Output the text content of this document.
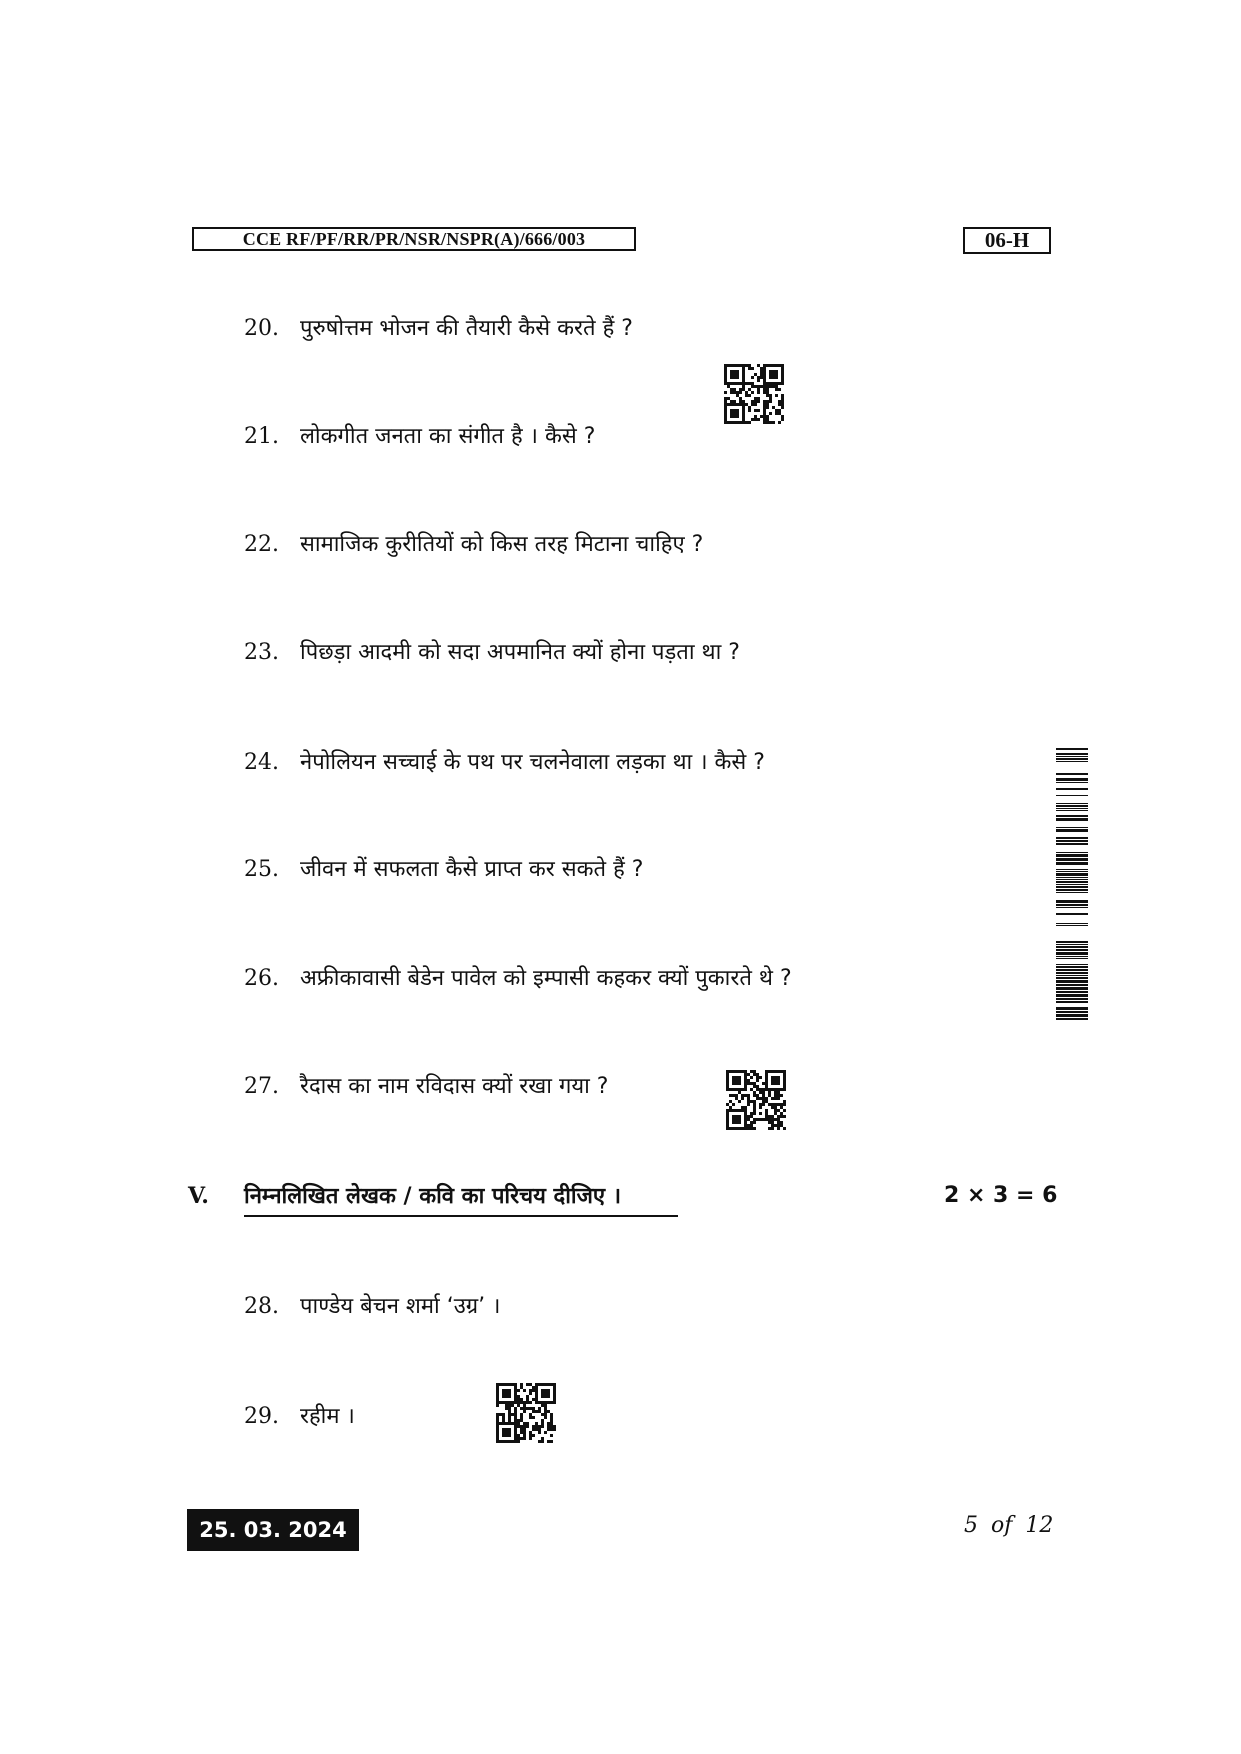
CCE RF/PF/RR/PR/NSR/NSPR(A)/666/003	06-H
20. पुरुषोत्तम भोजन की तैयारी कैसे करते हैं ?
21. लोकगीत जनता का संगीत है । कैसे ?
22. सामाजिक कुरीतियों को किस तरह मिटाना चाहिए ?
23. पिछड़ा आदमी को सदा अपमानित क्यों होना पड़ता था ?
24. नेपोलियन सच्चाई के पथ पर चलनेवाला लड़का था । कैसे ?
25. जीवन में सफलता कैसे प्राप्त कर सकते हैं ?
26. अफ्रीकावासी बेडेन पावेल को इम्पासी कहकर क्यों पुकारते थे ?
27. रैदास का नाम रविदास क्यों रखा गया ?
V. निम्नलिखित लेखक / कवि का परिचय दीजिए ।	2 × 3 = 6
28. पाण्डेय बेचन शर्मा ‘उग्र’ ।
29. रहीम ।
25. 03. 2024	5 of 12
